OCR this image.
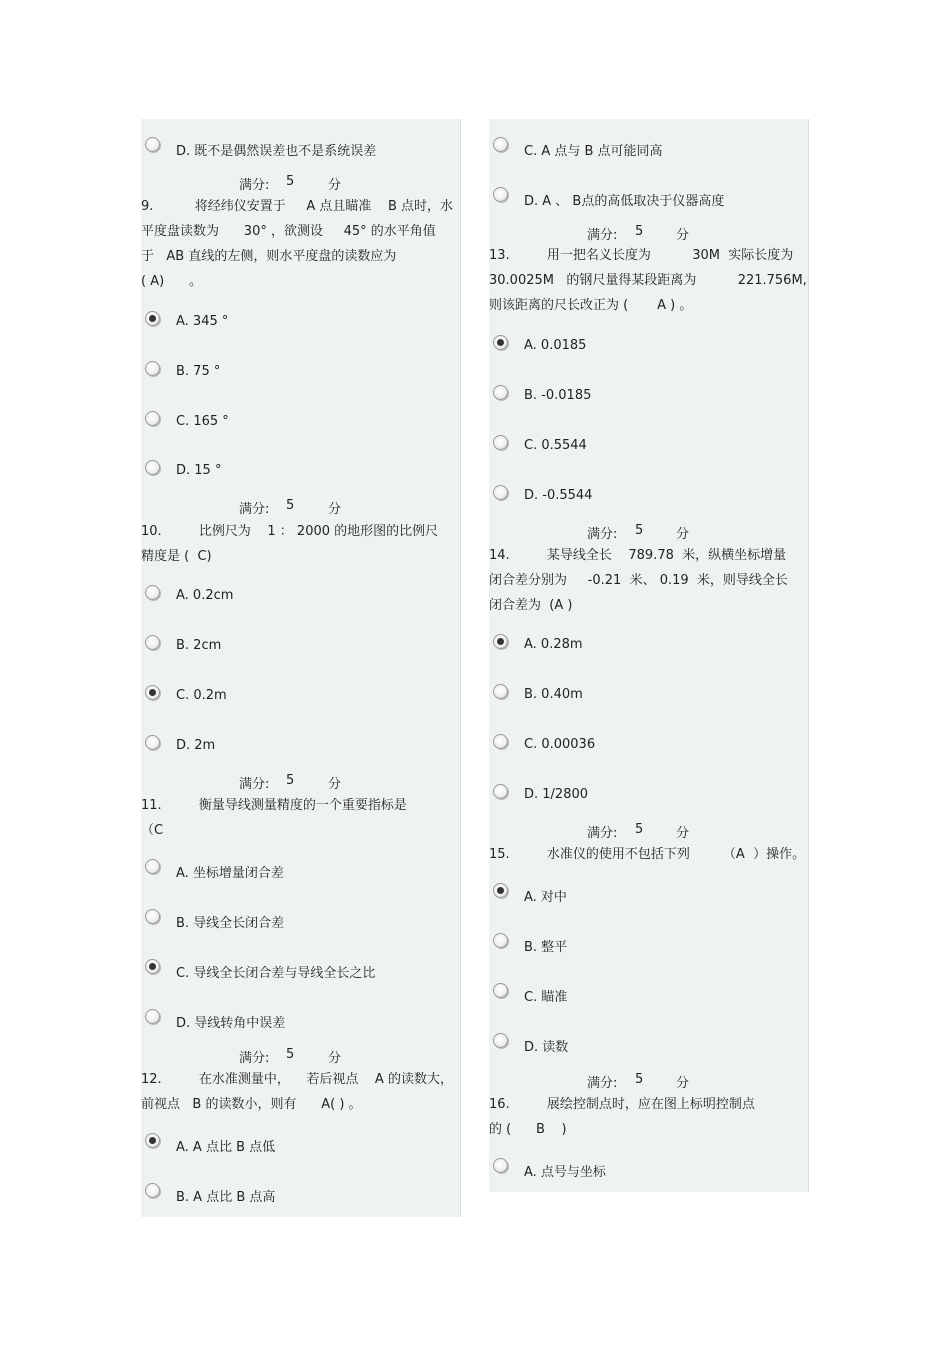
D. 既不是偶然误差也不是系统误差
满分: 5	分
9.          将经纬仪安置于     A 点且瞄准    B 点时，水
平度盘读数为      30° ，欲测设     45° 的水平角值
于   AB 直线的左侧，则水平度盘的读数应为
( A)      。
A. 345 °
B. 75 °
C. 165 °
D. 15 °
满分: 5	分
10.         比例尺为    1 ： 2000 的地形图的比例尺
精度是 (  C)
A. 0.2cm
B. 2cm
C. 0.2m
D. 2m
满分: 5	分
11.         衡量导线测量精度的一个重要指标是
（C
A. 坐标增量闭合差
B. 导线全长闭合差
C. 导线全长闭合差与导线全长之比
D. 导线转角中误差
满分: 5	分
12.         在水准测量中，    若后视点    A 的读数大，
前视点   B 的读数小，则有      A( ) 。
A. A 点比 B 点低
B. A 点比 B 点高
C. A 点与 B 点可能同高
D. A 、 B点的高低取决于仪器高度
满分: 5	分
13.         用一把名义长度为          30M  实际长度为
30.0025M   的钢尺量得某段距离为          221.756M,
则该距离的尺长改正为 (       A ) 。
A. 0.0185
B. -0.0185
C. 0.5544
D. -0.5544
满分: 5	分
14.         某导线全长    789.78  米，纵横坐标增量
闭合差分别为     -0.21  米、 0.19  米，则导线全长
闭合差为  (A )
A. 0.28m
B. 0.40m
C. 0.00036
D. 1/2800
满分: 5	分
15.         水准仪的使用不包括下列        （A  ）操作。
A. 对中
B. 整平
C. 瞄准
D. 读数
满分: 5	分
16.         展绘控制点时，应在图上标明控制点
的 (      B    )
A. 点号与坐标
